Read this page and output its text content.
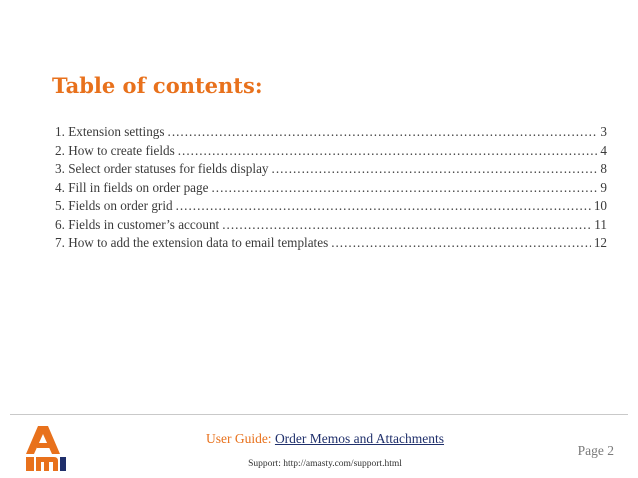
Table of contents:
1. Extension settings .....	3
2. How to create fields .....	4
3. Select order statuses for fields display .....	8
4. Fill in fields on order page .....	9
5. Fields on order grid .....	10
6. Fields in customer’s account .....	11
7. How to add the extension data to email templates .....	12
User Guide: Order Memos and Attachments
Support: http://amasty.com/support.html
Page 2
